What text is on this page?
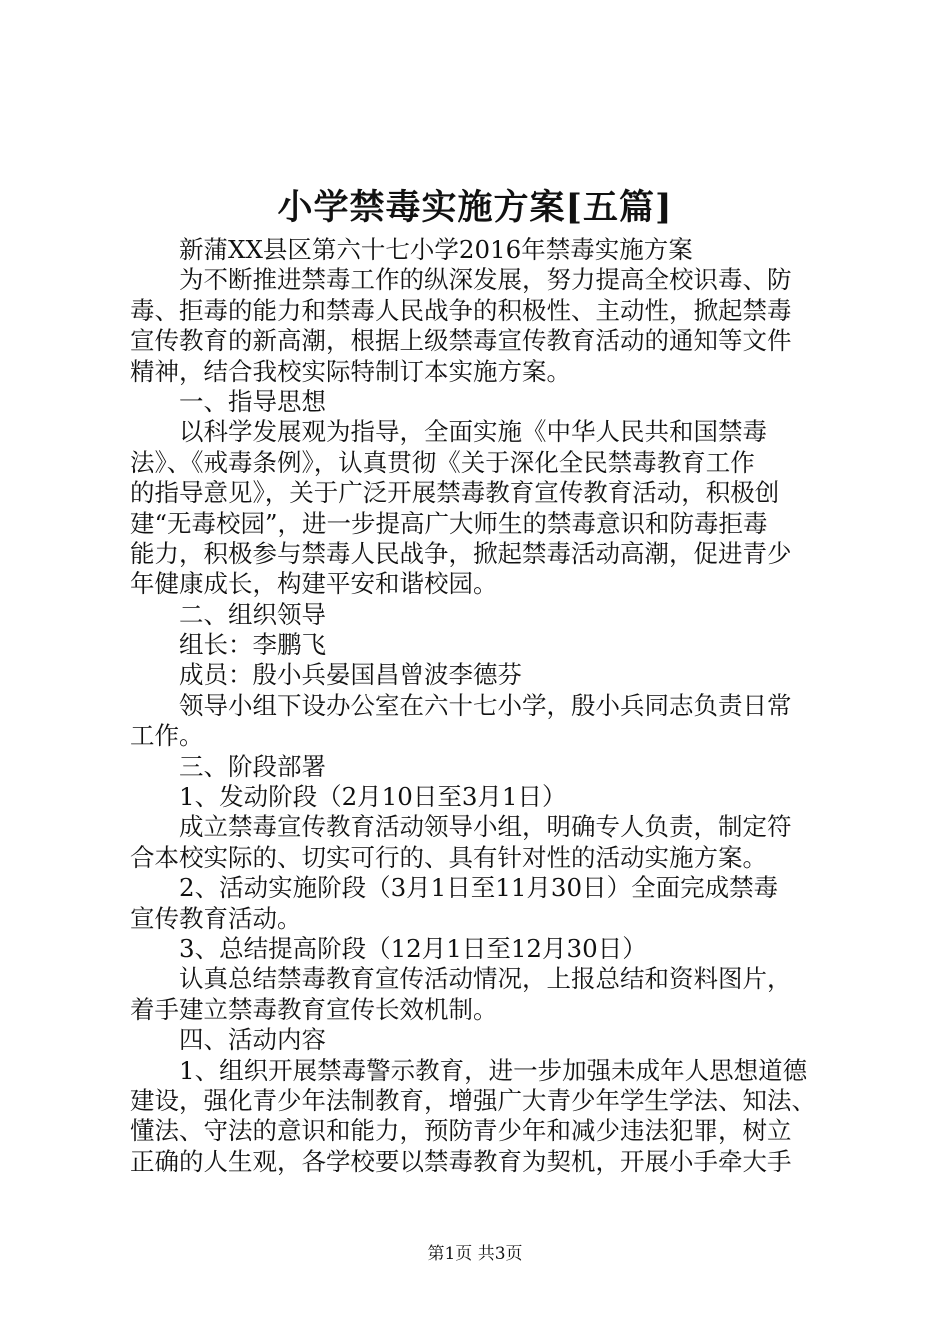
小学禁毒实施方案[五篇]
　　新蒲XX县区第六十七小学2016年禁毒实施方案
　　为不断推进禁毒工作的纵深发展，努力提高全校识毒、防
毒、拒毒的能力和禁毒人民战争的积极性、主动性，掀起禁毒
宣传教育的新高潮，根据上级禁毒宣传教育活动的通知等文件
精神，结合我校实际特制订本实施方案。
　　一、指导思想
　　以科学发展观为指导，全面实施《中华人民共和国禁毒
法》、《戒毒条例》，认真贯彻《关于深化全民禁毒教育工作
的指导意见》，关于广泛开展禁毒教育宣传教育活动，积极创
建“无毒校园”，进一步提高广大师生的禁毒意识和防毒拒毒
能力，积极参与禁毒人民战争，掀起禁毒活动高潮，促进青少
年健康成长，构建平安和谐校园。
　　二、组织领导
　　组长：李鹏飞
　　成员：殷小兵晏国昌曾波李德芬
　　领导小组下设办公室在六十七小学，殷小兵同志负责日常
工作。
　　三、阶段部署
　　1、发动阶段（2月10日至3月1日）
　　成立禁毒宣传教育活动领导小组，明确专人负责，制定符
合本校实际的、切实可行的、具有针对性的活动实施方案。
　　2、活动实施阶段（3月1日至11月30日）全面完成禁毒
宣传教育活动。
　　3、总结提高阶段（12月1日至12月30日）
　　认真总结禁毒教育宣传活动情况，上报总结和资料图片，
着手建立禁毒教育宣传长效机制。
　　四、活动内容
　　1、组织开展禁毒警示教育，进一步加强未成年人思想道德
建设，强化青少年法制教育，增强广大青少年学生学法、知法、
懂法、守法的意识和能力，预防青少年和减少违法犯罪，树立
正确的人生观，各学校要以禁毒教育为契机，开展小手牵大手
第1页 共3页
